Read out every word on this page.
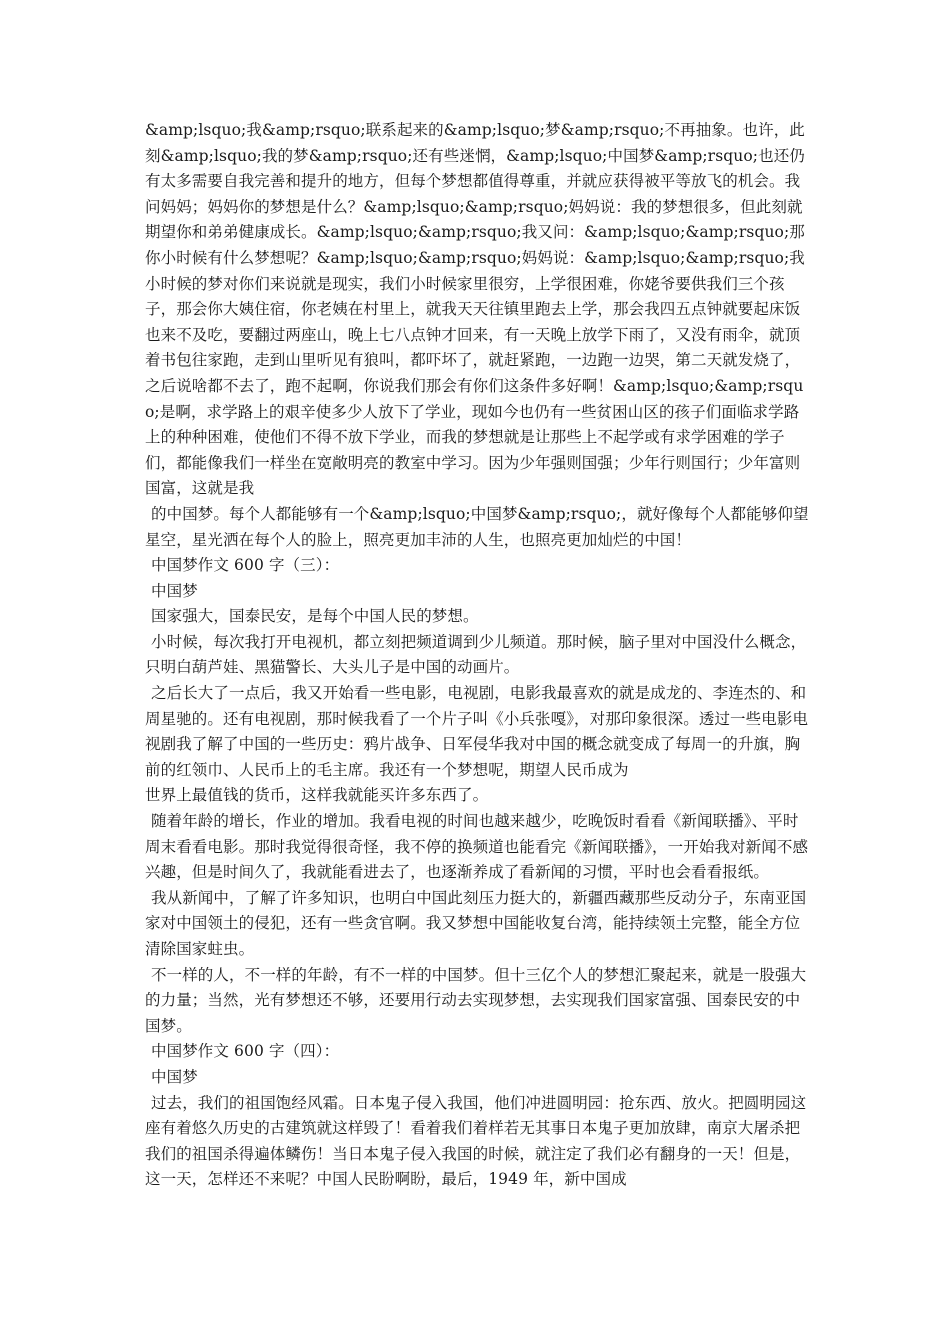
&amp;lsquo;我&amp;rsquo;联系起来的&amp;lsquo;梦&amp;rsquo;不再抽象。也许，此刻&amp;lsquo;我的梦&amp;rsquo;还有些迷惘，&amp;lsquo;中国梦&amp;rsquo;也还仍有太多需要自我完善和提升的地方，但每个梦想都值得尊重，并就应获得被平等放飞的机会。我问妈妈；妈妈你的梦想是什么？&amp;lsquo;&amp;rsquo;妈妈说：我的梦想很多，但此刻就期望你和弟弟健康成长。&amp;lsquo;&amp;rsquo;我又问：&amp;lsquo;&amp;rsquo;那你小时候有什么梦想呢？&amp;lsquo;&amp;rsquo;妈妈说：&amp;lsquo;&amp;rsquo;我小时候的梦对你们来说就是现实，我们小时候家里很穷，上学很困难，你姥爷要供我们三个孩子，那会你大姨住宿，你老姨在村里上，就我天天往镇里跑去上学，那会我四五点钟就要起床饭也来不及吃，要翻过两座山，晚上七八点钟才回来，有一天晚上放学下雨了，又没有雨伞，就顶着书包往家跑，走到山里听见有狼叫，都吓坏了，就赶紧跑，一边跑一边哭，第二天就发烧了，之后说啥都不去了，跑不起啊，你说我们那会有你们这条件多好啊！&amp;lsquo;&amp;rsquo;是啊，求学路上的艰辛使多少人放下了学业，现如今也仍有一些贫困山区的孩子们面临求学路上的种种困难，使他们不得不放下学业，而我的梦想就是让那些上不起学或有求学困难的学子们，都能像我们一样坐在宽敞明亮的教室中学习。因为少年强则国强；少年行则国行；少年富则国富，这就是我

的中国梦。每个人都能够有一个&amp;lsquo;中国梦&amp;rsquo;，就好像每个人都能够仰望星空，星光洒在每个人的脸上，照亮更加丰沛的人生，也照亮更加灿烂的中国！

中国梦作文 600 字（三）：

中国梦

国家强大，国泰民安，是每个中国人民的梦想。

小时候，每次我打开电视机，都立刻把频道调到少儿频道。那时候，脑子里对中国没什么概念，只明白葫芦娃、黑猫警长、大头儿子是中国的动画片。

之后长大了一点后，我又开始看一些电影，电视剧，电影我最喜欢的就是成龙的、李连杰的、和周星驰的。还有电视剧，那时候我看了一个片子叫《小兵张嘎》，对那印象很深。透过一些电影电视剧我了解了中国的一些历史：鸦片战争、日军侵华我对中国的概念就变成了每周一的升旗，胸前的红领巾、人民币上的毛主席。我还有一个梦想呢，期望人民币成为

世界上最值钱的货币，这样我就能买许多东西了。

随着年龄的增长，作业的增加。我看电视的时间也越来越少，吃晚饭时看看《新闻联播》、平时周末看看电影。那时我觉得很奇怪，我不停的换频道也能看完《新闻联播》，一开始我对新闻不感兴趣，但是时间久了，我就能看进去了，也逐渐养成了看新闻的习惯，平时也会看看报纸。

我从新闻中，了解了许多知识，也明白中国此刻压力挺大的，新疆西藏那些反动分子，东南亚国家对中国领土的侵犯，还有一些贪官啊。我又梦想中国能收复台湾，能持续领土完整，能全方位清除国家蛀虫。

不一样的人，不一样的年龄，有不一样的中国梦。但十三亿个人的梦想汇聚起来，就是一股强大的力量；当然，光有梦想还不够，还要用行动去实现梦想，去实现我们国家富强、国泰民安的中国梦。

中国梦作文 600 字（四）：

中国梦

过去，我们的祖国饱经风霜。日本鬼子侵入我国，他们冲进圆明园：抢东西、放火。把圆明园这座有着悠久历史的古建筑就这样毁了！看着我们着样若无其事日本鬼子更加放肆，南京大屠杀把我们的祖国杀得遍体鳞伤！当日本鬼子侵入我国的时候，就注定了我们必有翻身的一天！但是，这一天，怎样还不来呢？中国人民盼啊盼，最后，1949 年，新中国成
